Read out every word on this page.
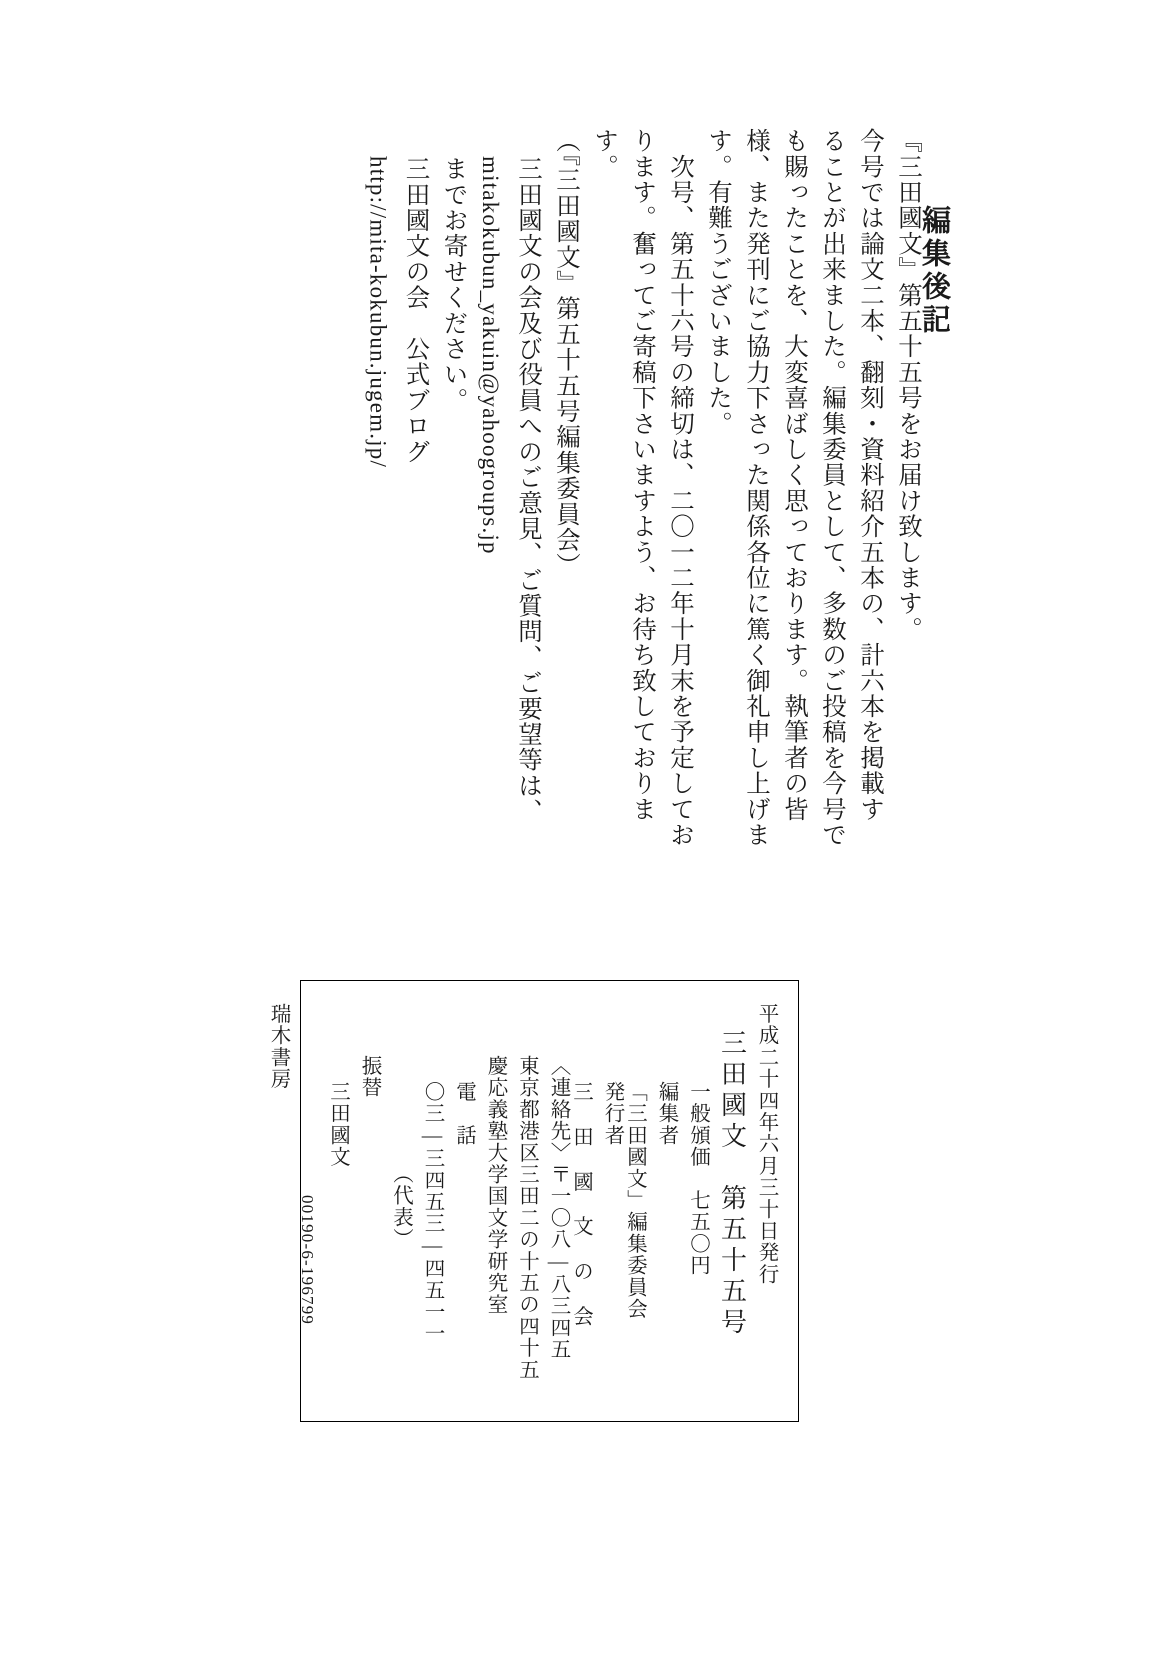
編集後記
『三田國文』第五十五号をお届け致します。
今号では論文二本、翻刻・資料紹介五本の、計六本を掲載す
ることが出来ました。編集委員として、多数のご投稿を今号で
も賜ったことを、大変喜ばしく思っております。執筆者の皆
様、また発刊にご協力下さった関係各位に篤く御礼申し上げま
す。有難うございました。
　次号、第五十六号の締切は、二〇一二年十月末を予定してお
ります。奮ってご寄稿下さいますよう、お待ち致しておりま
す。
（『三田國文』第五十五号編集委員会）
三田國文の会及び役員へのご意見、ご質問、ご要望等は、
mitakokubun_yakuin@yahoogroups.jp
までお寄せください。
三田國文の会　公式ブログ
http://mita-kokubun.jugem.jp/
平成二十四年六月三十日発行
三田國文　第五十五号
一般頒価　七五〇円
編集者
「三田國文」編集委員会
発行者
三 田 國 文 の 会
〈連絡先〉〒一〇八—八三四五
東京都港区三田二の十五の四十五
慶応義塾大学国文学研究室
電　話
〇三—三四五三—四五一一
（代表）
振替
三田國文
00190-6-196799
瑞木書房
